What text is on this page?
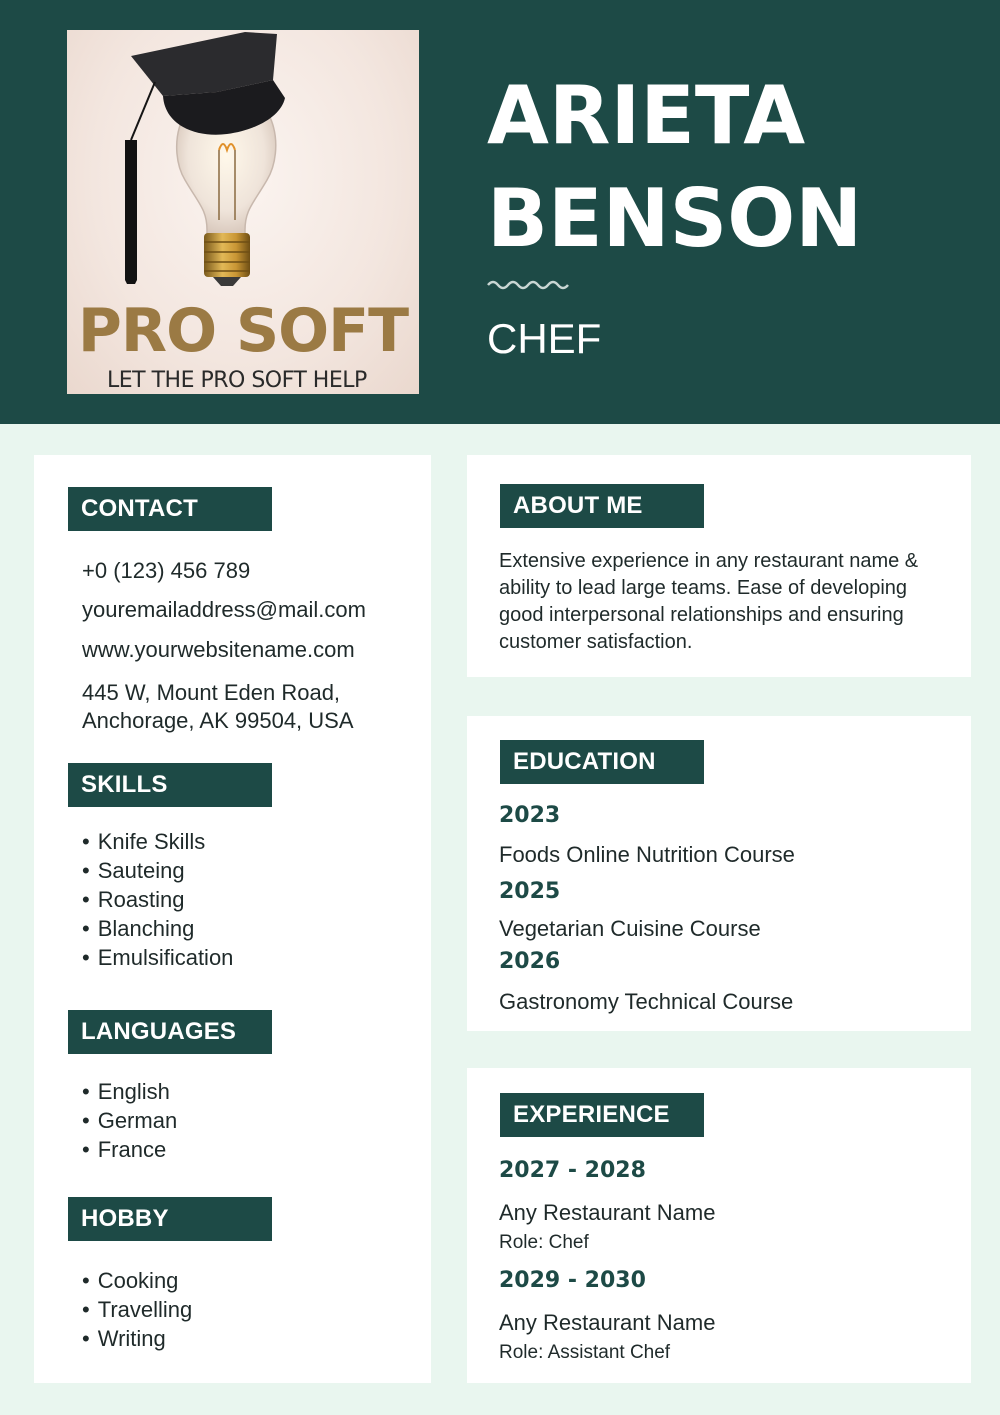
PRO SOFT
LET THE PRO SOFT HELP
ARIETA
BENSON
CHEF
CONTACT
+0 (123) 456 789
youremailaddress@mail.com
www.yourwebsitename.com
445 W, Mount Eden Road,
Anchorage, AK 99504, USA
SKILLS
• Knife Skills
• Sauteing
• Roasting
• Blanching
• Emulsification
LANGUAGES
• English
• German
• France
HOBBY
• Cooking
• Travelling
• Writing
ABOUT ME
Extensive experience in any restaurant name &
ability to lead large teams. Ease of developing
good interpersonal relationships and ensuring
customer satisfaction.
EDUCATION
2023
Foods Online Nutrition Course
2025
Vegetarian Cuisine Course
2026
Gastronomy Technical Course
EXPERIENCE
2027 - 2028
Any Restaurant Name
Role: Chef
2029 - 2030
Any Restaurant Name
Role: Assistant Chef
